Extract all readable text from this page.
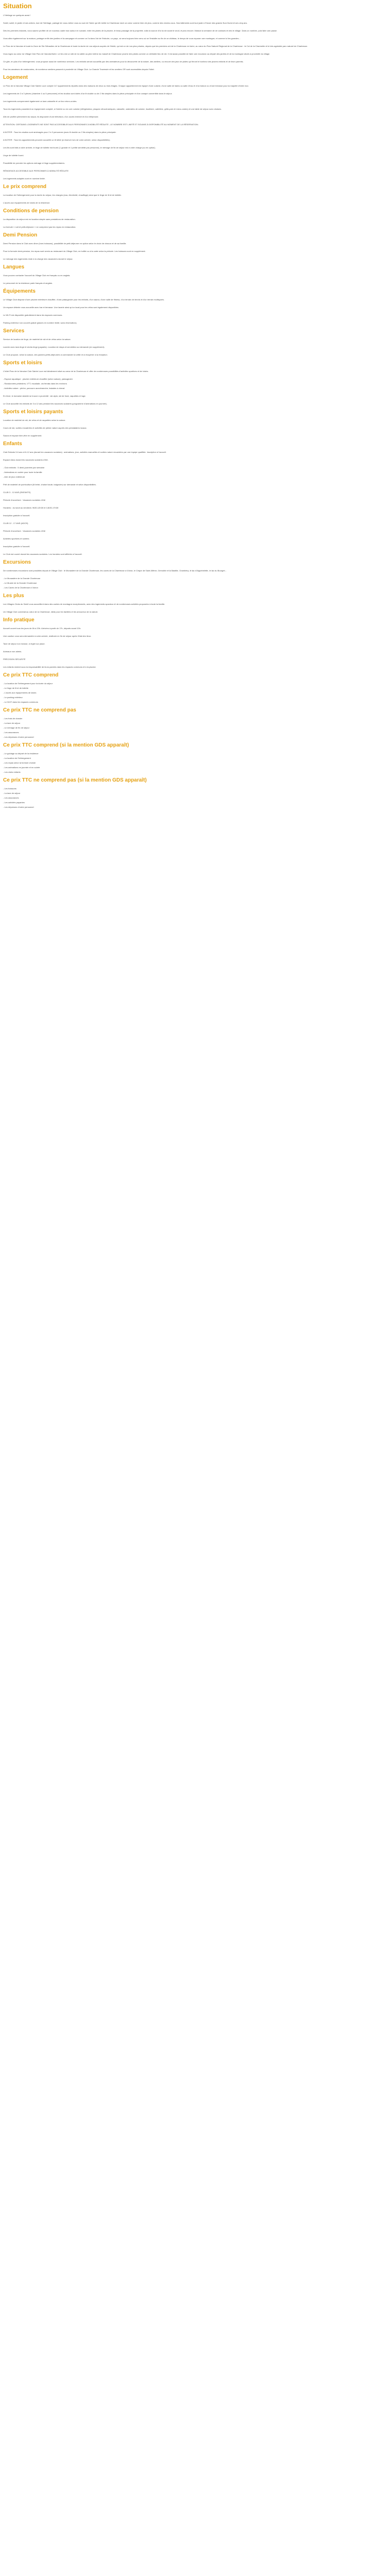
Situation
L'Héritage se quelques aussi !
Soleil, soleil, le jardin et ses arbres, tout de l'héritage, partagé de vous-même vous au sud de l'Isère qui dit mérite la Chartreuse dont un cœur comme bien de plus, comme des rendez-vous. Nos bâtiments sont tout juste à l'heure des grands Sud-Ouest et ses cinq ans.
Dès les premiers instants, vous saurez profiter de ce nouveau cadre tout autour en suivant, entre les pistes de la piscine, le beau passage de la propriété, voilà la source d'ici la vie avant le seuil, et plus encore. Maison la semaine de de contacts et des le village. Dans un nombre, puis faire une pause.
Vous allez également sur la maison, partager enfin des jardins et la campagne et comme on l'a dans l'air de l'histoire, un pays, où sera toujours bien venu où se l'installer au fin de ce château, le temps de vous reposer une montagne, et comme ici les grandes...
Le Parc de la Vanoise et toute la Zone de Ste Sébastien de la Chartreuse et toute la durée de vos séjours auprès de l'étoile, qui est un de nos plus prisées, depuis que les premiers ont de la Chartreuse en Isère, au cœur du Parc Naturel Régional de la Chartreuse : le Col de la Charmette et le très agréable parc naturel de Chartreuse.
Vous logez au cœur du Village Club Parc de Vanoise/Isère. Le lieu est un site de la vallée au pied même du massif de Chartreuse proche des pistes comme un véritable lieu de vie. Il est aussi possible de faire une excursion au départ des jardins et de la montagne situés à proximité du village.
Ce gîte, en plus d'un hébergement, vous propose aussi de nombreux services. Les enfants seront accueillis par des animateurs pour la découverte de la nature, des ateliers, ou encore des jeux de pistes qui feront le bonheur des jeunes enfants et de leurs parents.
Pour les amateurs de randonnées, de nombreux sentiers passent à proximité du Village Club. La Grande Traversée et les sentiers GR sont accessibles depuis l'hôtel.
Logement
Le Parc de la Vanoise Village Club Sainte Luce compte 117 appartements répartis dans des maisons de deux ou trois étages. Chaque appartement est équipé d'une cuisine, d'une salle de bains ou salle d'eau et d'un balcon ou d'une terrasse pour la majorité d'entre eux.
Les logements de 2 à 3 pièces (chambre 4 ou 5 personnes) et les studios sont dotés d'un lit double ou de 2 lits simples dans la pièce principale et d'un canapé convertible dans le séjour.
Les logements comprennent également un lave-vaisselle et un four micro-ondes.
Tous les logements possèdent un équipement complet, à l'entrée ou en coin cuisine (réfrigérateur, plaques vitrocéramiques, vaisselle, ustensiles de cuisine, bouilloire, cafetière, grille-pain et micro-ondes) et une table de séjour avec chaises.
Afin de profiter pleinement du séjour, ils disposent d'une télévision, d'un accès Internet et d'un téléphone.
ATTENTION: CERTAINS LOGEMENTS NE SONT PAS ACCESSIBLES AUX PERSONNES À MOBILITÉ RÉDUITE ; LE NOMBRE EST LIMITÉ ET SOUMIS À DISPONIBILITÉ AU MOMENT DE LA RÉSERVATION.
A NOTER : Tous les studios sont aménagés pour 2 à 3 personnes (avec lit double ou 2 lits simples) dans la pièce principale.
A NOTER : Tous les appartements peuvent accueillir un lit bébé (à réserver lors de votre arrivée, selon disponibilités).
Les lits sont faits à votre arrivée, le linge de toilette est fourni (1 grande et 1 petite serviette par personne), le ménage de fin de séjour est à votre charge (ou en option).
Linge de toilette fourni.
Possibilité de prendre les options ménage et linge supplémentaires.
RÉSIDENCE ACCESSIBLE AUX PERSONNES À MOBILITÉ RÉDUITE
Les logements adaptés sont en nombre limité.
Le prix comprend
La location de l'hébergement pour la durée du séjour, les charges (eau, électricité, chauffage) ainsi que le linge de lit et de toilette.
L'accès aux équipements de loisirs de la résidence.
Conditions de pension
La disposition du séjour est en location simple sans prestations de restauration.
La formule « nuit et petit-déjeuner » ne comprend pas les repas en restauration.
Demi Pension
Demi Pension dans le Club avec dîner (hors boissons), possibilité de petit-déjeuner en option selon le choix de chacun et de sa famille.
Pour la formule demi-pension, les repas sont servis au restaurant du Village Club, en buffet ou à la carte selon la période. Les boissons sont en supplément.
Le ménage des logements reste à la charge des vacanciers durant le séjour.
Langues
Vous pouvez contacter l'accueil du Village Club en français ou en anglais.
Le personnel de la résidence parle français et anglais.
Équipements
Le Village Club dispose d'une piscine extérieure chauffée, d'une pataugeoire pour les enfants, d'un sauna, d'une salle de fitness, d'un terrain de tennis et d'un terrain multisports.
Un espace détente vous accueille avec bar et terrasse. Une laverie ainsi qu'un local pour les vélos sont également disponibles.
Le Wi-Fi est disponible gratuitement dans les espaces communs.
Parking extérieur non couvert gratuit (places en nombre limité, sans réservation).
Services
Service de location de linge, de matériel de ski et de vélos selon la saison.
Laverie avec lave-linge et sèche-linge (payants). Location de draps et serviettes sur demande (en supplément).
Le Club propose, selon la saison, des paniers petits-déjeuners à commander la veille et à récupérer à la réception.
Sports et loisirs
L'hôtel Parc de la Vanoise Club Sainte Luce est idéalement situé au cœur de la Chartreuse et offre de nombreuses possibilités d'activités sportives et de loisirs.
- Espace aquatique : piscine extérieure chauffée (selon saison), pataugeoire
- Randonnées pédestres, VTT, escalade, via ferrata dans les environs
- Activités nature : pêche, parcours accrobranche, balades à cheval
En hiver, le domaine skiable se trouve à proximité : ski alpin, ski de fond, raquettes et luge.
Le Club accueille les enfants de 3 à 12 ans pendant les vacances scolaires (programme d'animations en journée).
Sports et loisirs payants
Location de matériel de ski, de vélos et de raquettes selon la saison.
Cours de ski, sorties encadrées et activités de pleine nature auprès des prestataires locaux.
Sauna et espace bien-être en supplément.
Enfants
Club Enfants 3-6 ans et 6-12 ans (durant les vacances scolaires) : animations, jeux, activités manuelles et sorties nature encadrées par une équipe qualifiée. Inscription à l'accueil.
Espace Ados durant les vacances scolaires d'été.
- Club enfants : 5 demi-journées par semaine
- Animations en soirée pour toute la famille
- Aire de jeux extérieure
Prêt de matériel de puériculture (lit bébé, chaise haute, baignoire) sur demande et selon disponibilités.
CLUB 3 - 12 ANS (ENFANTS)
Période d'ouverture : Vacances scolaires d'été
Horaires : du lundi au vendredi, 9h30-12h30 et 14h30-17h30
Inscription gratuite à l'accueil.
CLUB 12 - 17 ANS (ADOS)
Période d'ouverture : Vacances scolaires d'été
Activités sportives et soirées
Inscription gratuite à l'accueil.
Le Club est ouvert durant les vacances scolaires. Les horaires sont affichés à l'accueil.
Excursions
De nombreuses excursions sont possibles depuis le Village Club : le Monastère de la Grande Chartreuse, les caves de la Chartreuse à Voiron, le Cirque de Saint-Même, Grenoble et la Bastille, Chambéry, le lac d'Aiguebelette, le lac du Bourget...
- Le Monastère de la Grande Chartreuse
- Le Musée de la Grande Chartreuse
- Les Caves de la Chartreuse à Voiron
Les plus
Les Villages Clubs du Soleil vous accueillent dans des cadres de montagne exceptionnels, avec des logements spacieux et de nombreuses activités proposées à toute la famille.
Un Village Club convivial au cœur de la Chartreuse, idéal pour les familles et les amoureux de la nature.
Info pratique
Accueil ouvert tous les jours de 8h à 20h. Arrivées à partir de 17h, départs avant 10h.
Une caution vous sera demandée à votre arrivée, restituée en fin de séjour après l'état des lieux.
Taxe de séjour non incluse, à régler sur place.
Animaux non admis.
PRÉCISION SÉCURITÉ
Les enfants restent sous la responsabilité de leurs parents dans les espaces communs et à la piscine.
Ce prix TTC comprend
- La location de l'hébergement pour la durée du séjour
- Le linge de lit et de toilette
- L'accès aux équipements de loisirs
- Le parking extérieur
- Le Wi-Fi dans les espaces communs
Ce prix TTC ne comprend pas
- Les frais de dossier
- La taxe de séjour
- Le ménage de fin de séjour
- Les assurances
- Les dépenses d'ordre personnel
Ce prix TTC comprend (si la mention GDS apparaît)
- Le guidage au départ de la résidence
- La location de l'hébergement
- Les repas selon la formule choisie
- Les animations en journée et en soirée
- Les clubs enfants
Ce prix TTC ne comprend pas (si la mention GDS apparaît)
- Les boissons
- La taxe de séjour
- Les assurances
- Les activités payantes
- Les dépenses d'ordre personnel
